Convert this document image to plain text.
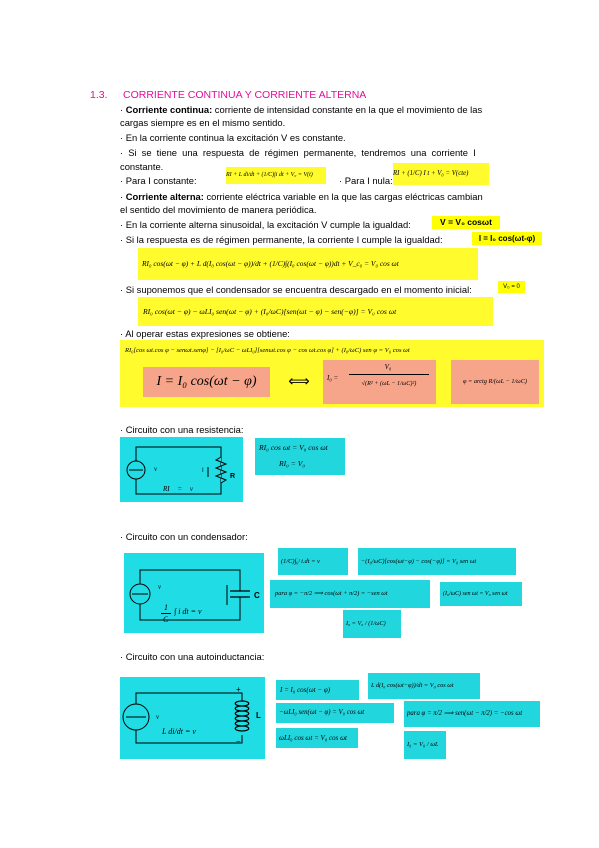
1.3. CORRIENTE CONTINUA Y CORRIENTE ALTERNA
· Corriente continua: corriente de intensidad constante en la que el movimiento de las
cargas siempre es en el mismo sentido.
· En la corriente continua la excitación V es constante.
· Si se tiene una respuesta de régimen permanente, tendremos una corriente I
constante.
· Para I constante:	RI + L di/dt + (1/C)∫i dt + V₀ = V(t)	· Para I nula:
RI + (1/C) I t + V₀ = V(cte)
· Corriente alterna: corriente eléctrica variable en la que las cargas eléctricas cambian
el sentido del movimiento de manera periódica.
· En la corriente alterna sinusoidal, la excitación V cumple la igualdad:	V = V₀ cosωt
· Si la respuesta es de régimen permanente, la corriente I cumple la igualdad:	I = I₀ cos(ωt-φ)
RI₀ cos(ωt − φ) + L d(I₀ cos(ωt − φ))/dt + (1/C)∫(I₀ cos(ωt − φ))dt + V_c₀ = V₀ cos ωt
· Si suponemos que el condensador se encuentra descargado en el momento inicial:	V₀ = 0
RI₀ cos(ωt − φ) − ωLI₀ sen(ωt − φ) + (I₀/ωC)[sen(ωt − φ) − sen(−φ)] = V₀ cos ωt
· Al operar estas expresiones se obtiene:
RI₀[cos ωt.cos φ − senωt.senφ] − [I₀/ωC − ωLI₀][senωt.cos φ − cos ωt.cos φ] + (I₀/ωC) sen φ = V₀ cos ωt
I = I₀ cos(ωt − φ)	⟺	I₀ =
V₀
√(R² + (ωL − 1/ωC)²)	φ = arctg R/(ωL − 1/ωC)
· Circuito con una resistencia:
v
RI = v
R
I
RI₀ cos ωt = V₀ cos ωt
RI₀ = V₀
· Circuito con un condensador:
v
1
C
∫ i dt = v
C
(1/C)∫₀ᵗ i.dt = v	−(I₀/ωC)[cos(ωt−φ) − cos(−φ)] = V₀ sen ωt
para φ = −π/2 ⟹ cos(ωt + π/2) = −sen ωt	(I₀/ωC) sen ωt = V₀ sen ωt
I₀ = V₀ / (1/ωC)
· Circuito con una autoinductancia:
v
L di/dt = v
L
+
−
I = I₀ cos(ωt − φ)
L d(I₀ cos(ωt−φ))/dt = V₀ cos ωt
−ωLI₀ sen(ωt − φ) = V₀ cos ωt	para φ = π/2 ⟹ sen(ωt − π/2) = −cos ωt
ωLI₀ cos ωt = V₀ cos ωt
I₀ = V₀ / ωL
